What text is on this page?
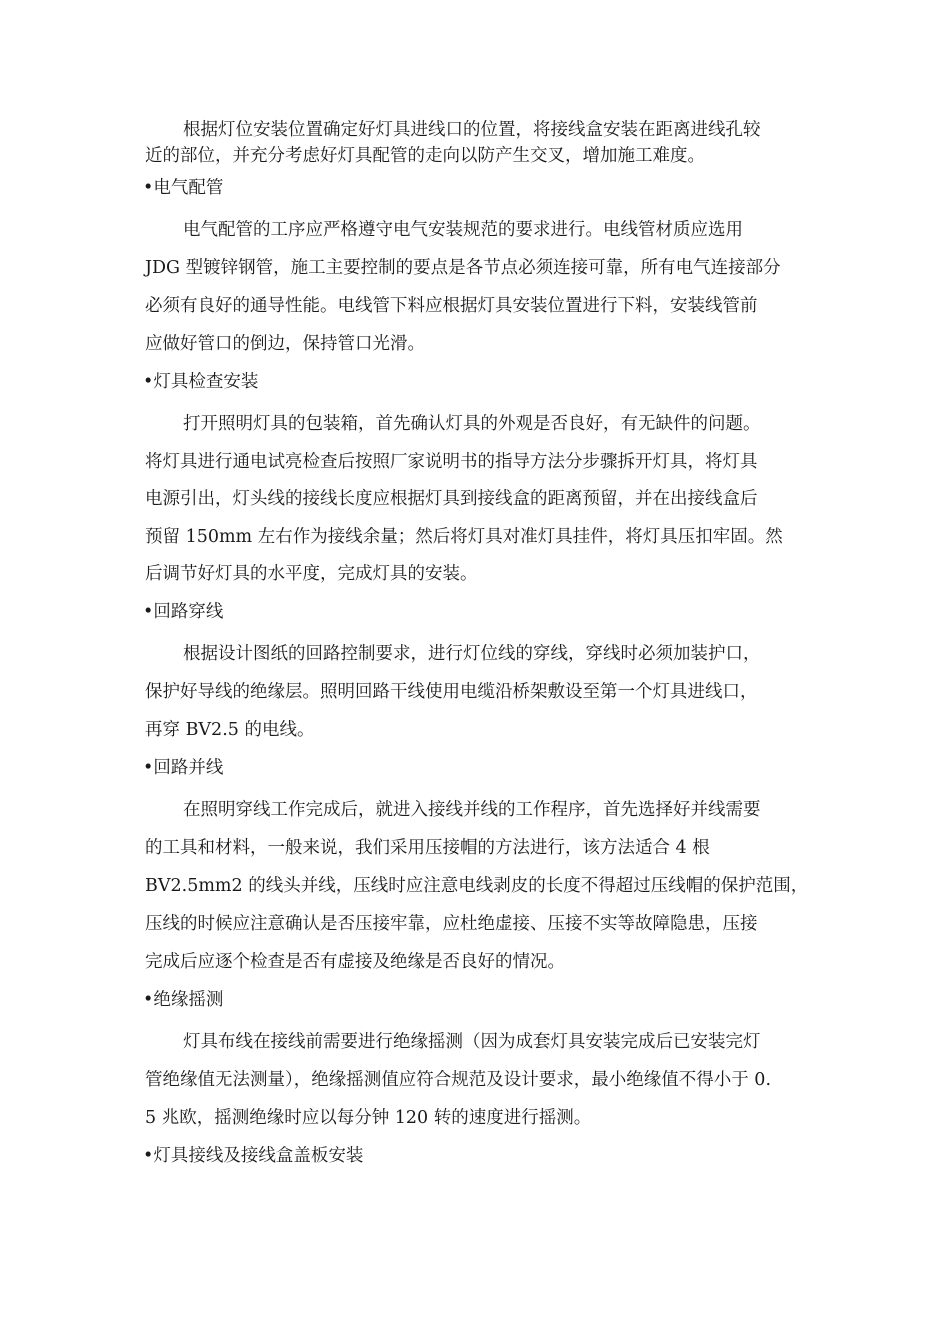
根据灯位安装位置确定好灯具进线口的位置，将接线盒安装在距离进线孔较
近的部位，并充分考虑好灯具配管的走向以防产生交叉，增加施工难度。
•电气配管
电气配管的工序应严格遵守电气安装规范的要求进行。电线管材质应选用
JDG 型镀锌钢管，施工主要控制的要点是各节点必须连接可靠，所有电气连接部分
必须有良好的通导性能。电线管下料应根据灯具安装位置进行下料，安装线管前
应做好管口的倒边，保持管口光滑。
•灯具检查安装
打开照明灯具的包装箱，首先确认灯具的外观是否良好，有无缺件的问题。
将灯具进行通电试亮检查后按照厂家说明书的指导方法分步骤拆开灯具，将灯具
电源引出，灯头线的接线长度应根据灯具到接线盒的距离预留，并在出接线盒后
预留 150mm 左右作为接线余量；然后将灯具对准灯具挂件，将灯具压扣牢固。然
后调节好灯具的水平度，完成灯具的安装。
•回路穿线
根据设计图纸的回路控制要求，进行灯位线的穿线，穿线时必须加装护口，
保护好导线的绝缘层。照明回路干线使用电缆沿桥架敷设至第一个灯具进线口，
再穿 BV2.5 的电线。
•回路并线
在照明穿线工作完成后，就进入接线并线的工作程序，首先选择好并线需要
的工具和材料，一般来说，我们采用压接帽的方法进行，该方法适合 4 根
BV2.5mm2 的线头并线，压线时应注意电线剥皮的长度不得超过压线帽的保护范围，
压线的时候应注意确认是否压接牢靠，应杜绝虚接、压接不实等故障隐患，压接
完成后应逐个检查是否有虚接及绝缘是否良好的情况。
•绝缘摇测
灯具布线在接线前需要进行绝缘摇测（因为成套灯具安装完成后已安装完灯
管绝缘值无法测量），绝缘摇测值应符合规范及设计要求，最小绝缘值不得小于 0.
5 兆欧，摇测绝缘时应以每分钟 120 转的速度进行摇测。
•灯具接线及接线盒盖板安装
